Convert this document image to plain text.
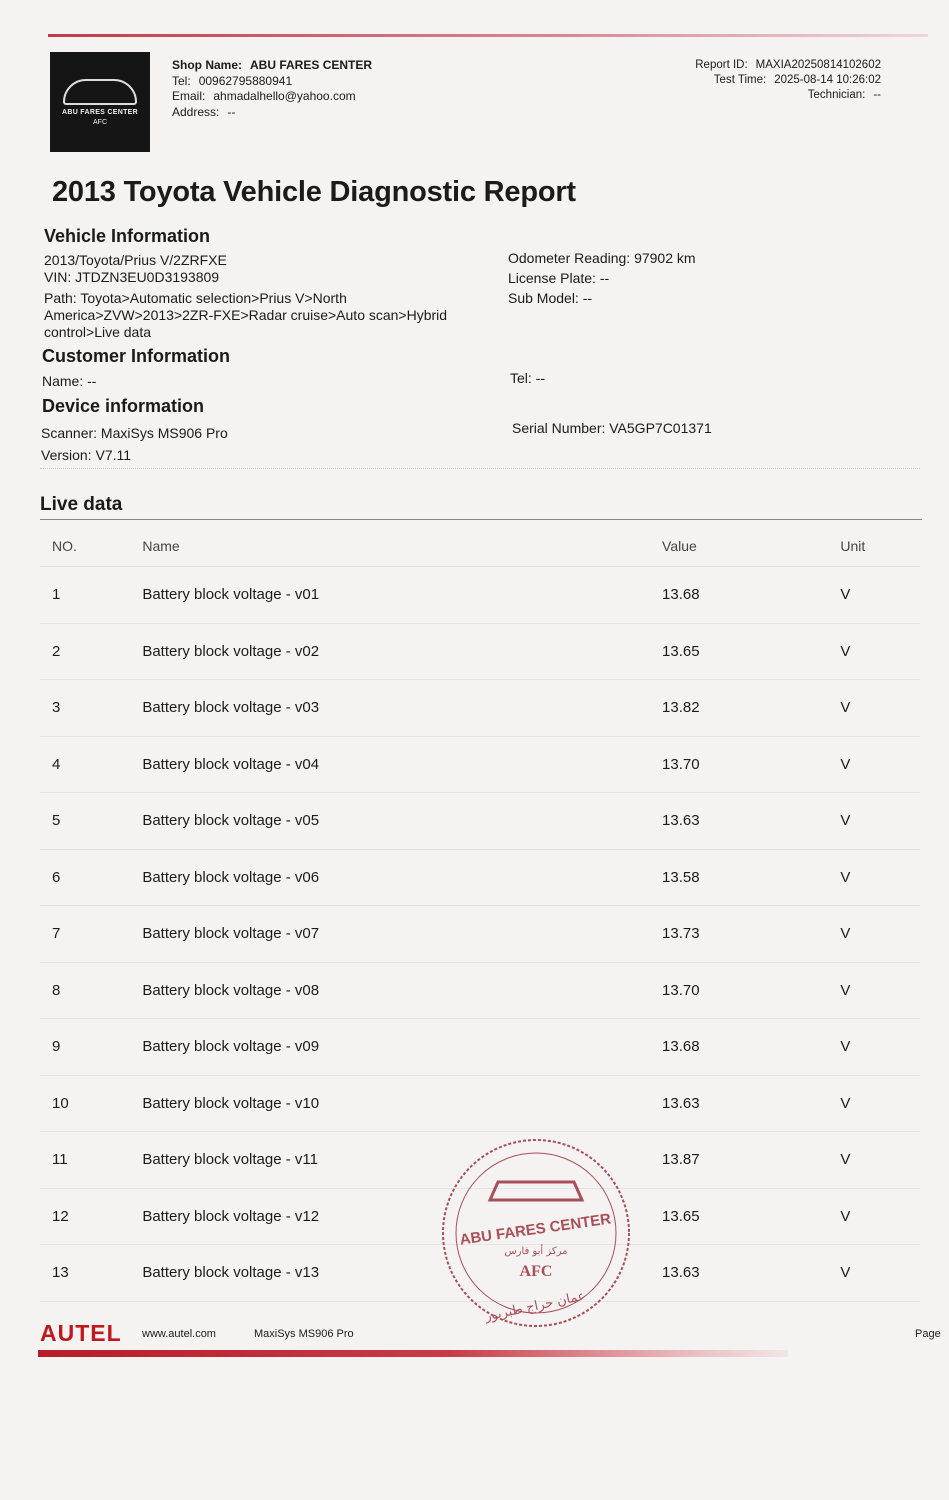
ABU FARES CENTER
AFC
Shop Name: ABU FARES CENTER
Tel: 00962795880941
Email: ahmadalhello@yahoo.com
Address: --
Report ID: MAXIA20250814102602
Test Time: 2025-08-14 10:26:02
Technician: --
2013 Toyota Vehicle Diagnostic Report
Vehicle Information
2013/Toyota/Prius V/2ZRFXE
VIN: JTDZN3EU0D3193809
Path: Toyota>Automatic selection>Prius V>North America>ZVW>2013>2ZR-FXE>Radar cruise>Auto scan>Hybrid control>Live data
Odometer Reading: 97902 km
License Plate: --
Sub Model: --
Customer Information
Name: --	Tel: --
Device information
Scanner: MaxiSys MS906 Pro
Version: V7.11
Serial Number: VA5GP7C01371
Live data
NO.	Name	Value	Unit
1	Battery block voltage - v01	13.68	V
2	Battery block voltage - v02	13.65	V
3	Battery block voltage - v03	13.82	V
4	Battery block voltage - v04	13.70	V
5	Battery block voltage - v05	13.63	V
6	Battery block voltage - v06	13.58	V
7	Battery block voltage - v07	13.73	V
8	Battery block voltage - v08	13.70	V
9	Battery block voltage - v09	13.68	V
10	Battery block voltage - v10	13.63	V
11	Battery block voltage - v11	13.87	V
12	Battery block voltage - v12	13.65	V
13	Battery block voltage - v13	13.63	V
ABU FARES CENTER
مركز أبو فارس
AFC
عمان حراج طبربور
AUTEL www.autel.com	MaxiSys MS906 Pro	Page
